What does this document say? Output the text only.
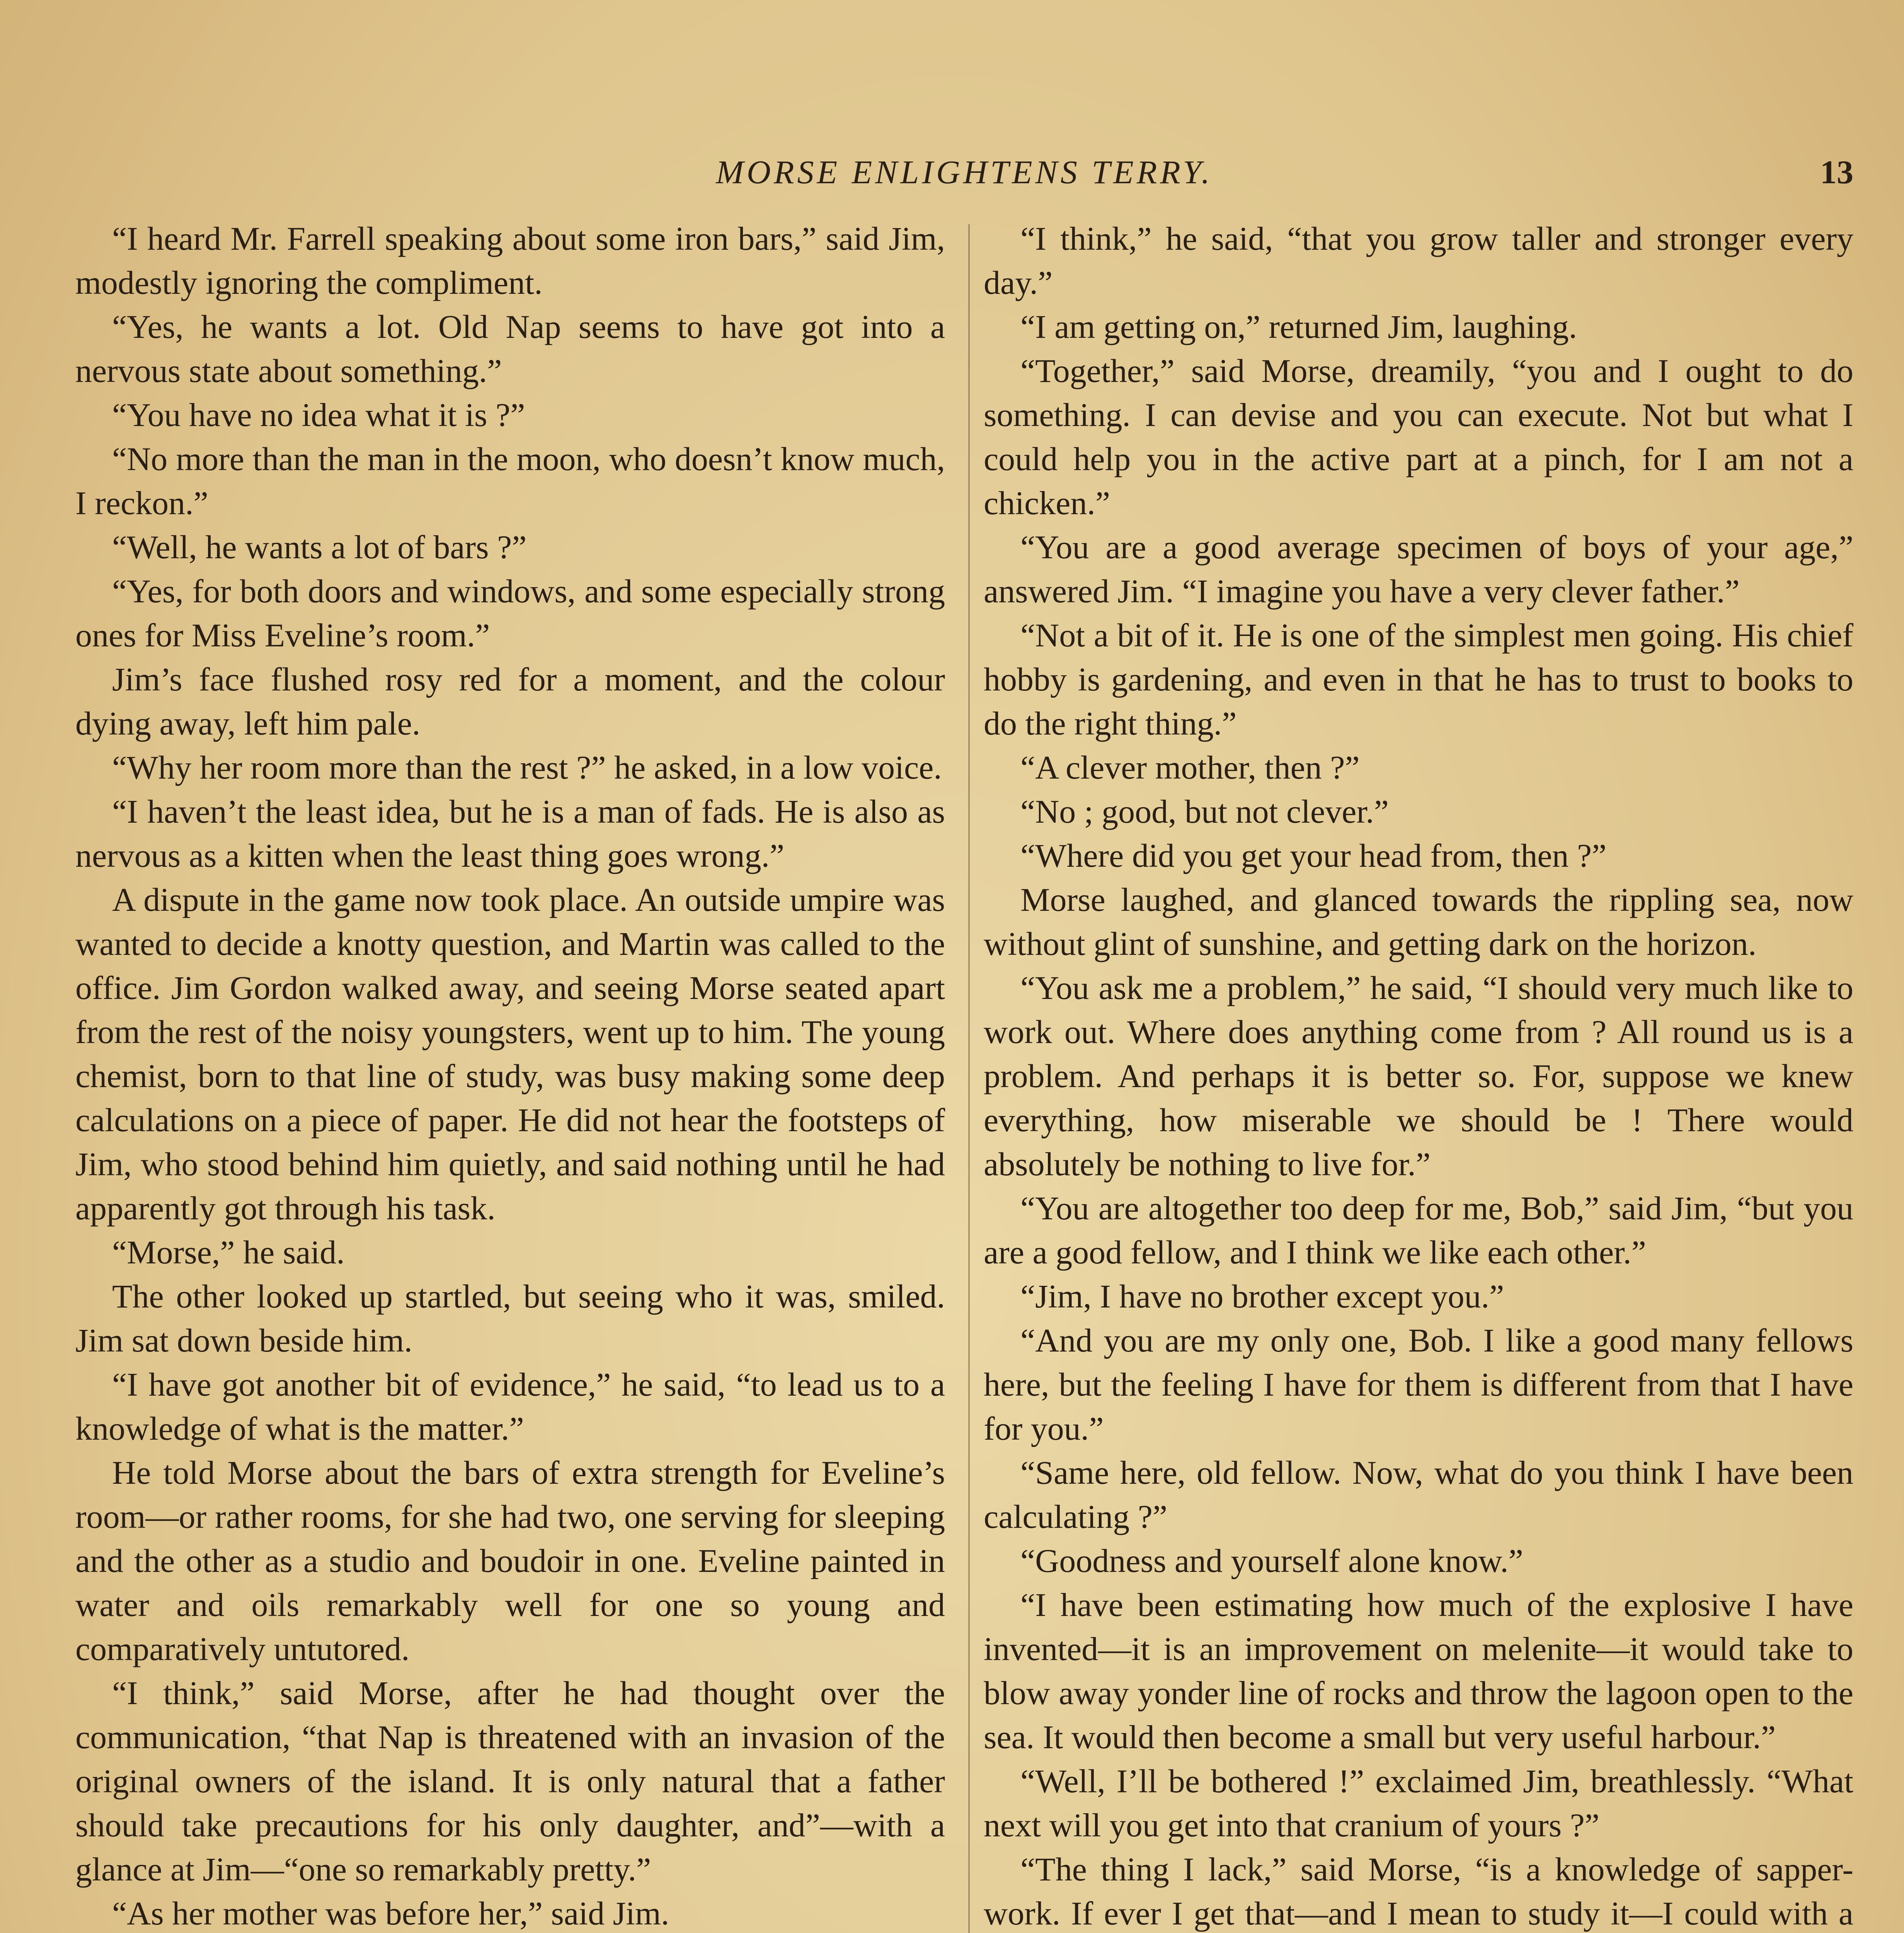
MORSE ENLIGHTENS TERRY.	13

“I heard Mr. Farrell speaking about some iron bars,” said Jim, modestly ignoring the compliment.

“Yes, he wants a lot. Old Nap seems to have got into a nervous state about something.”

“You have no idea what it is ?”

“No more than the man in the moon, who doesn’t know much, I reckon.”

“Well, he wants a lot of bars ?”

“Yes, for both doors and windows, and some especially strong ones for Miss Eveline’s room.”

Jim’s face flushed rosy red for a moment, and the colour dying away, left him pale.

“Why her room more than the rest ?” he asked, in a low voice.

“I haven’t the least idea, but he is a man of fads. He is also as nervous as a kitten when the least thing goes wrong.”

A dispute in the game now took place. An outside umpire was wanted to decide a knotty question, and Martin was called to the office. Jim Gordon walked away, and seeing Morse seated apart from the rest of the noisy youngsters, went up to him. The young chemist, born to that line of study, was busy making some deep calculations on a piece of paper. He did not hear the footsteps of Jim, who stood behind him quietly, and said nothing until he had apparently got through his task.

“Morse,” he said.

The other looked up startled, but seeing who it was, smiled. Jim sat down beside him.

“I have got another bit of evidence,” he said, “to lead us to a knowledge of what is the matter.”

He told Morse about the bars of extra strength for Eveline’s room—or rather rooms, for she had two, one serving for sleeping and the other as a studio and boudoir in one. Eveline painted in water and oils remarkably well for one so young and comparatively untutored.

“I think,” said Morse, after he had thought over the communication, “that Nap is threatened with an invasion of the original owners of the island. It is only natural that a father should take precautions for his only daughter, and”—with a glance at Jim—“one so remarkably pretty.”

“As her mother was before her,” said Jim.

“I think,” he said, “that you grow taller and stronger every day.”

“I am getting on,” returned Jim, laughing.

“Together,” said Morse, dreamily, “you and I ought to do something. I can devise and you can execute. Not but what I could help you in the active part at a pinch, for I am not a chicken.”

“You are a good average specimen of boys of your age,” answered Jim. “I imagine you have a very clever father.”

“Not a bit of it. He is one of the simplest men going. His chief hobby is gardening, and even in that he has to trust to books to do the right thing.”

“A clever mother, then ?”

“No ; good, but not clever.”

“Where did you get your head from, then ?”

Morse laughed, and glanced towards the rippling sea, now without glint of sunshine, and getting dark on the horizon.

“You ask me a problem,” he said, “I should very much like to work out. Where does anything come from ? All round us is a problem. And perhaps it is better so. For, suppose we knew everything, how miserable we should be ! There would absolutely be nothing to live for.”

“You are altogether too deep for me, Bob,” said Jim, “but you are a good fellow, and I think we like each other.”

“Jim, I have no brother except you.”

“And you are my only one, Bob. I like a good many fellows here, but the feeling I have for them is different from that I have for you.”

“Same here, old fellow. Now, what do you think I have been calculating ?”

“Goodness and yourself alone know.”

“I have been estimating how much of the explosive I have invented—it is an improvement on melenite—it would take to blow away yonder line of rocks and throw the lagoon open to the sea. It would then become a small but very useful harbour.”

“Well, I’ll be bothered !” exclaimed Jim, breathlessly. “What next will you get into that cranium of yours ?”

“The thing I lack,” said Morse, “is a knowledge of sapper-work. If ever I get that—and I mean to study it—I could with a
